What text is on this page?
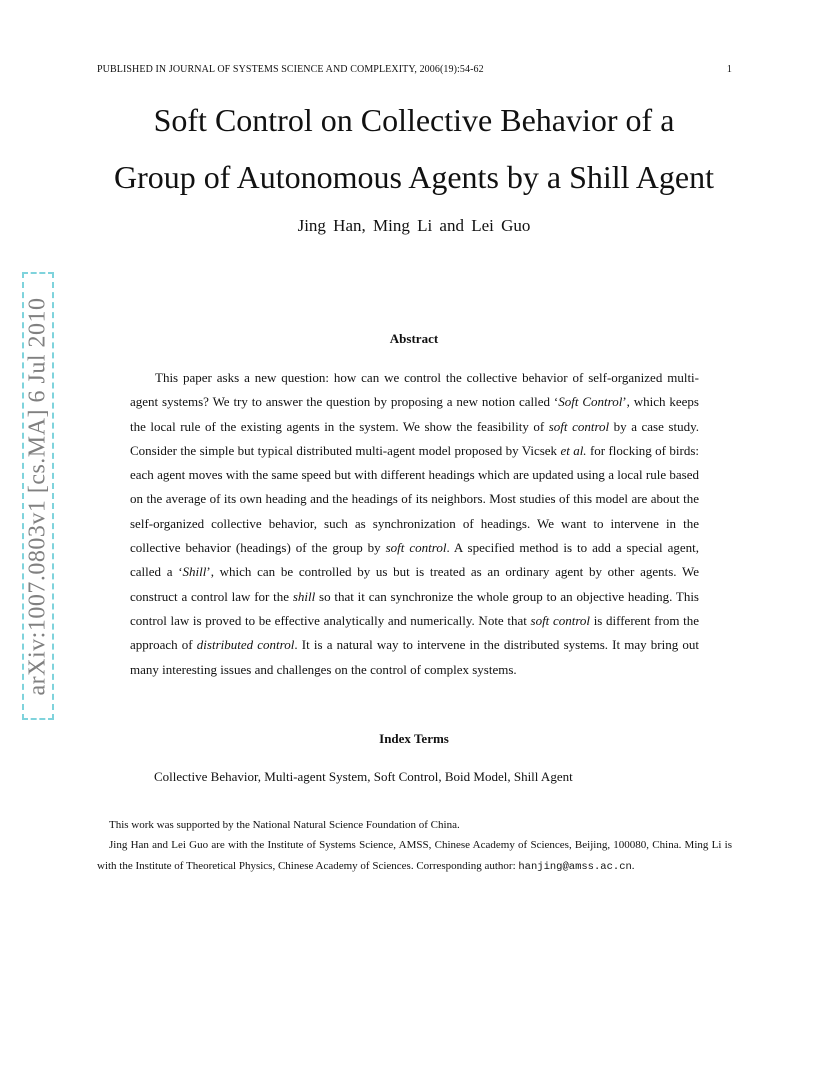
PUBLISHED IN JOURNAL OF SYSTEMS SCIENCE AND COMPLEXITY, 2006(19):54-62	1
arXiv:1007.0803v1 [cs.MA] 6 Jul 2010
Soft Control on Collective Behavior of a
Group of Autonomous Agents by a Shill Agent
Jing Han, Ming Li and Lei Guo
Abstract

This paper asks a new question: how can we control the collective behavior of self-organized multi-agent systems? We try to answer the question by proposing a new notion called ‘Soft Control’, which keeps the local rule of the existing agents in the system. We show the feasibility of soft control by a case study. Consider the simple but typical distributed multi-agent model proposed by Vicsek et al. for flocking of birds: each agent moves with the same speed but with different headings which are updated using a local rule based on the average of its own heading and the headings of its neighbors. Most studies of this model are about the self-organized collective behavior, such as synchronization of headings. We want to intervene in the collective behavior (headings) of the group by soft control. A specified method is to add a special agent, called a ‘Shill’, which can be controlled by us but is treated as an ordinary agent by other agents. We construct a control law for the shill so that it can synchronize the whole group to an objective heading. This control law is proved to be effective analytically and numerically. Note that soft control is different from the approach of distributed control. It is a natural way to intervene in the distributed systems. It may bring out many interesting issues and challenges on the control of complex systems.

Index Terms
Collective Behavior, Multi-agent System, Soft Control, Boid Model, Shill Agent

This work was supported by the National Natural Science Foundation of China.

Jing Han and Lei Guo are with the Institute of Systems Science, AMSS, Chinese Academy of Sciences, Beijing, 100080, China. Ming Li is with the Institute of Theoretical Physics, Chinese Academy of Sciences. Corresponding author: hanjing@amss.ac.cn.
